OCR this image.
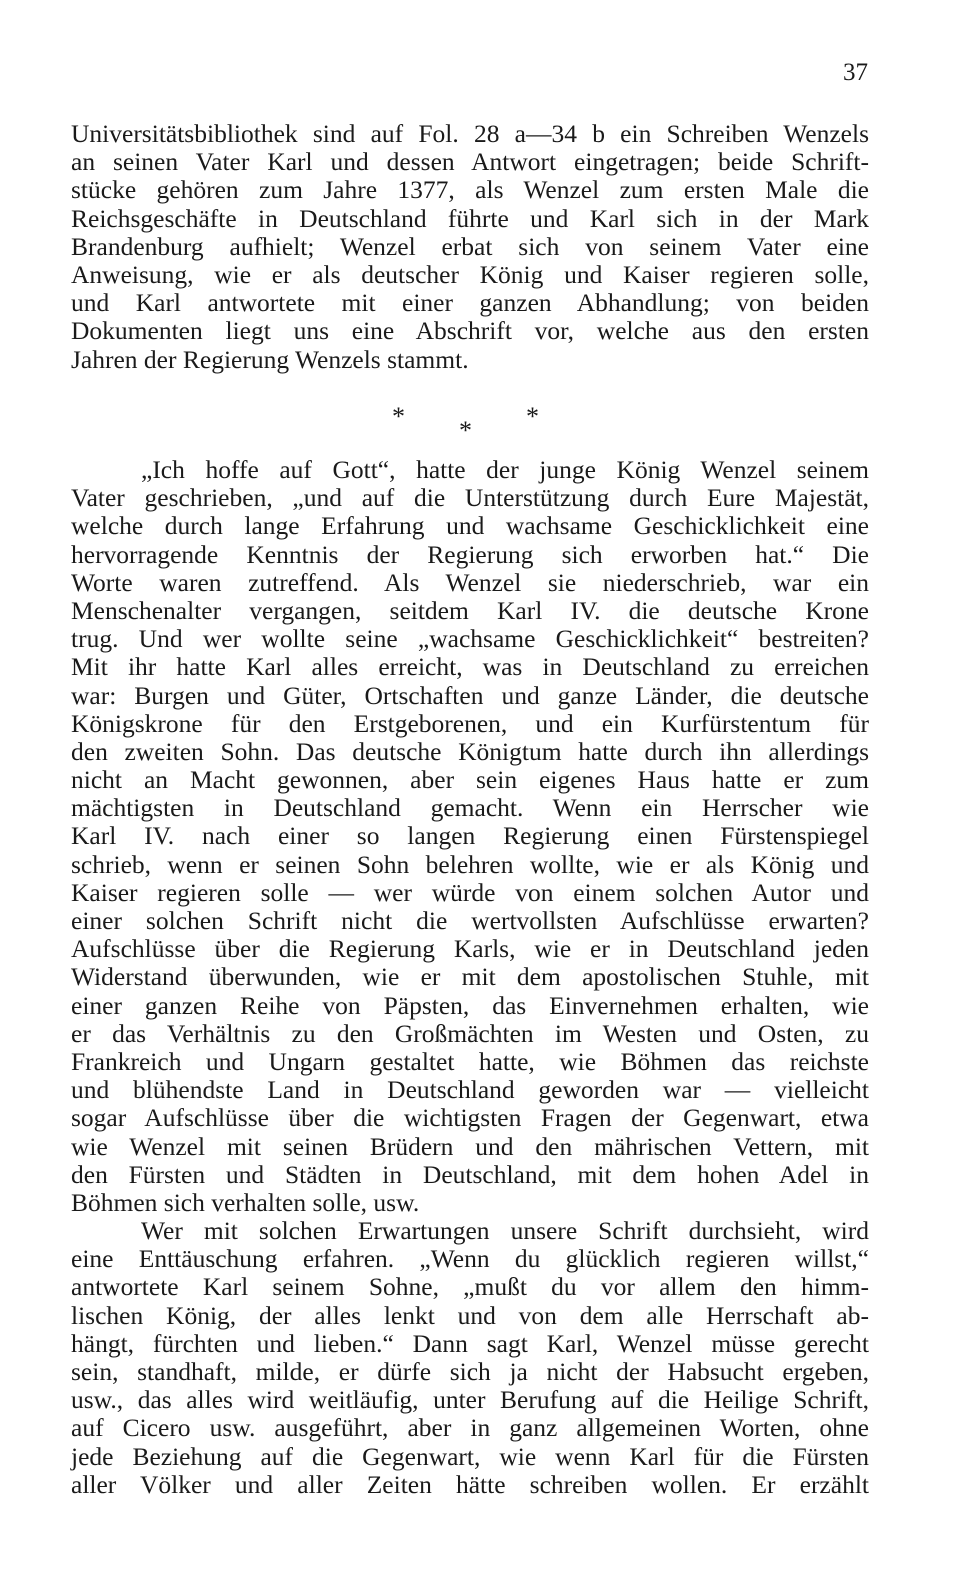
37
Universitätsbibliothek sind auf Fol. 28 a—34 b ein Schreiben Wenzels
an seinen Vater Karl und dessen Antwort eingetragen; beide Schrift-
stücke gehören zum Jahre 1377, als Wenzel zum ersten Male die
Reichsgeschäfte in Deutschland führte und Karl sich in der Mark
Brandenburg aufhielt; Wenzel erbat sich von seinem Vater eine
Anweisung, wie er als deutscher König und Kaiser regieren solle,
und Karl antwortete mit einer ganzen Abhandlung; von beiden
Dokumenten liegt uns eine Abschrift vor, welche aus den ersten
Jahren der Regierung Wenzels stammt.
* * *
„Ich hoffe auf Gott“, hatte der junge König Wenzel seinem
Vater geschrieben, „und auf die Unterstützung durch Eure Majestät,
welche durch lange Erfahrung und wachsame Geschicklichkeit eine
hervorragende Kenntnis der Regierung sich erworben hat.“ Die
Worte waren zutreffend. Als Wenzel sie niederschrieb, war ein
Menschenalter vergangen, seitdem Karl IV. die deutsche Krone
trug. Und wer wollte seine „wachsame Geschicklichkeit“ bestreiten?
Mit ihr hatte Karl alles erreicht, was in Deutschland zu erreichen
war: Burgen und Güter, Ortschaften und ganze Länder, die deutsche
Königskrone für den Erstgeborenen, und ein Kurfürstentum für
den zweiten Sohn. Das deutsche Königtum hatte durch ihn allerdings
nicht an Macht gewonnen, aber sein eigenes Haus hatte er zum
mächtigsten in Deutschland gemacht. Wenn ein Herrscher wie
Karl IV. nach einer so langen Regierung einen Fürstenspiegel
schrieb, wenn er seinen Sohn belehren wollte, wie er als König und
Kaiser regieren solle — wer würde von einem solchen Autor und
einer solchen Schrift nicht die wertvollsten Aufschlüsse erwarten?
Aufschlüsse über die Regierung Karls, wie er in Deutschland jeden
Widerstand überwunden, wie er mit dem apostolischen Stuhle, mit
einer ganzen Reihe von Päpsten, das Einvernehmen erhalten, wie
er das Verhältnis zu den Großmächten im Westen und Osten, zu
Frankreich und Ungarn gestaltet hatte, wie Böhmen das reichste
und blühendste Land in Deutschland geworden war — vielleicht
sogar Aufschlüsse über die wichtigsten Fragen der Gegenwart, etwa
wie Wenzel mit seinen Brüdern und den mährischen Vettern, mit
den Fürsten und Städten in Deutschland, mit dem hohen Adel in
Böhmen sich verhalten solle, usw.
Wer mit solchen Erwartungen unsere Schrift durchsieht, wird
eine Enttäuschung erfahren. „Wenn du glücklich regieren willst,“
antwortete Karl seinem Sohne, „mußt du vor allem den himm-
lischen König, der alles lenkt und von dem alle Herrschaft ab-
hängt, fürchten und lieben.“ Dann sagt Karl, Wenzel müsse gerecht
sein, standhaft, milde, er dürfe sich ja nicht der Habsucht ergeben,
usw., das alles wird weitläufig, unter Berufung auf die Heilige Schrift,
auf Cicero usw. ausgeführt, aber in ganz allgemeinen Worten, ohne
jede Beziehung auf die Gegenwart, wie wenn Karl für die Fürsten
aller Völker und aller Zeiten hätte schreiben wollen. Er erzählt
